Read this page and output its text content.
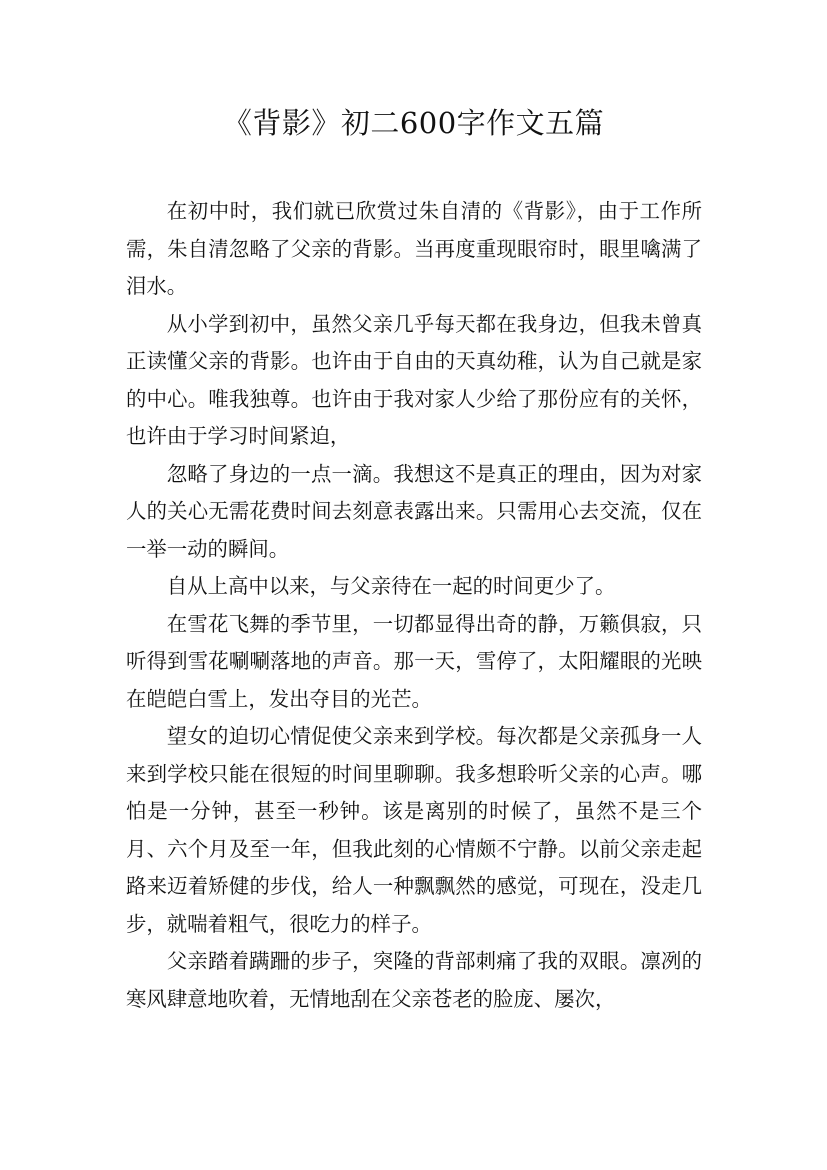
《背影》初二600字作文五篇

在初中时，我们就已欣赏过朱自清的《背影》，由于工作所需，朱自清忽略了父亲的背影。当再度重现眼帘时，眼里噙满了泪水。

从小学到初中，虽然父亲几乎每天都在我身边，但我未曾真正读懂父亲的背影。也许由于自由的天真幼稚，认为自己就是家的中心。唯我独尊。也许由于我对家人少给了那份应有的关怀，也许由于学习时间紧迫，

忽略了身边的一点一滴。我想这不是真正的理由，因为对家人的关心无需花费时间去刻意表露出来。只需用心去交流，仅在一举一动的瞬间。

自从上高中以来，与父亲待在一起的时间更少了。

在雪花飞舞的季节里，一切都显得出奇的静，万籁俱寂，只听得到雪花唰唰落地的声音。那一天，雪停了，太阳耀眼的光映在皑皑白雪上，发出夺目的光芒。

望女的迫切心情促使父亲来到学校。每次都是父亲孤身一人来到学校只能在很短的时间里聊聊。我多想聆听父亲的心声。哪怕是一分钟，甚至一秒钟。该是离别的时候了，虽然不是三个月、六个月及至一年，但我此刻的心情颇不宁静。以前父亲走起路来迈着矫健的步伐，给人一种飘飘然的感觉，可现在，没走几步，就喘着粗气，很吃力的样子。

父亲踏着蹒跚的步子，突隆的背部刺痛了我的双眼。凛冽的寒风肆意地吹着，无情地刮在父亲苍老的脸庞、屡次，
